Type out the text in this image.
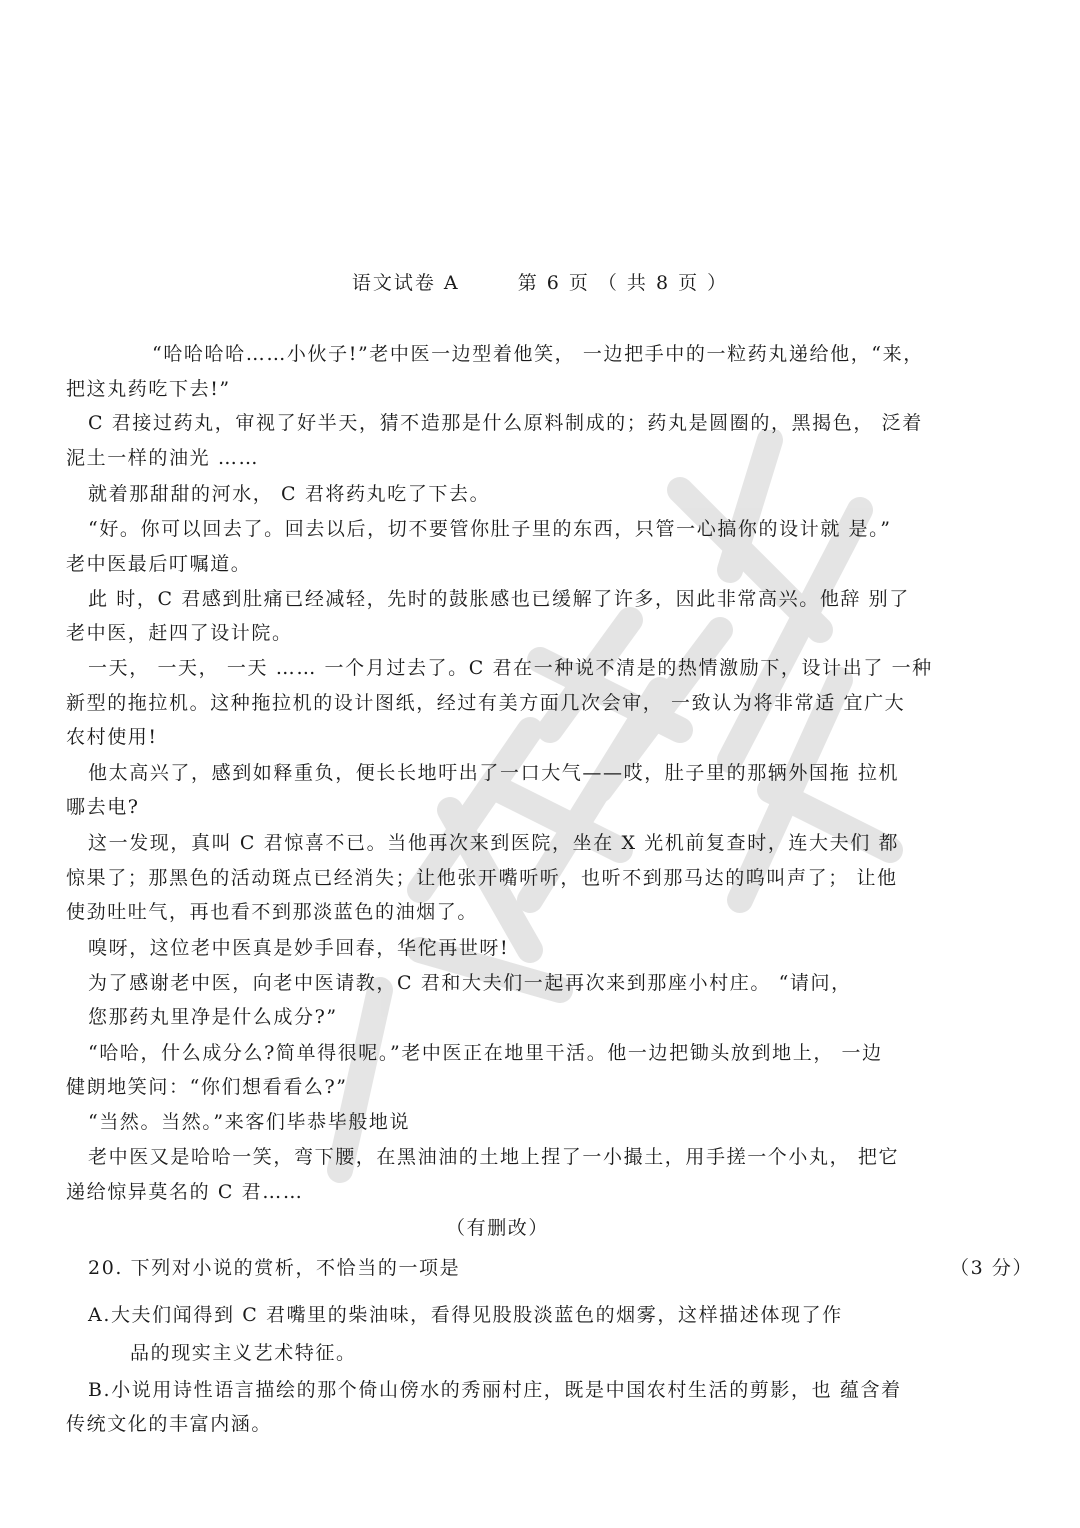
语文试卷 A	第 6 页 （ 共 8 页 ）
“哈哈哈哈……小伙子!”老中医一边型着他笑， 一边把手中的一粒药丸递给他，“来，
把这丸药吃下去!”
C 君接过药丸，审视了好半天，猜不造那是什么原料制成的；药丸是圆圈的，黑揭色， 泛着
泥土一样的油光 ……
就着那甜甜的河水， C 君将药丸吃了下去。
“好。你可以回去了。回去以后，切不要管你肚子里的东西，只管一心搞你的设计就 是。”
老中医最后叮嘱道。
此 时，C 君感到肚痛已经减轻，先时的鼓胀感也已缓解了许多，因此非常高兴。他辞 别了
老中医，赶四了设计院。
一天， 一天， 一天 …… 一个月过去了。C 君在一种说不清是的热情激励下，设计出了 一种
新型的拖拉机。这种拖拉机的设计图纸，经过有美方面几次会审， 一致认为将非常适 宜广大
农村使用!
他太高兴了，感到如释重负，便长长地吁出了一口大气——哎，肚子里的那辆外国拖 拉机
哪去电?
这一发现，真叫 C 君惊喜不已。当他再次来到医院，坐在 X 光机前复查时，连大夫们 都
惊果了；那黑色的活动斑点已经消失；让他张开嘴听听，也听不到那马达的呜叫声了； 让他
使劲吐吐气，再也看不到那淡蓝色的油烟了。
嗅呀，这位老中医真是妙手回春，华佗再世呀!
为了感谢老中医，向老中医请教，C 君和大夫们一起再次来到那座小村庄。 “请问，
您那药丸里净是什么成分?”
“哈哈，什么成分么?简单得很呢。”老中医正在地里干活。他一边把锄头放到地上， 一边
健朗地笑问：“你们想看看么?”
“当然。当然。”来客们毕恭毕般地说
老中医又是哈哈一笑，弯下腰，在黑油油的土地上捏了一小撮土，用手搓一个小丸， 把它
递给惊异莫名的 C 君……
（有删改）
20. 下列对小说的赏析，不恰当的一项是	（3 分）
A.大夫们闻得到 C 君嘴里的柴油味，看得见股股淡蓝色的烟雾，这样描述体现了作
品的现实主义艺术特征。
B.小说用诗性语言描绘的那个倚山傍水的秀丽村庄，既是中国农村生活的剪影，也 蕴含着
传统文化的丰富内涵。
